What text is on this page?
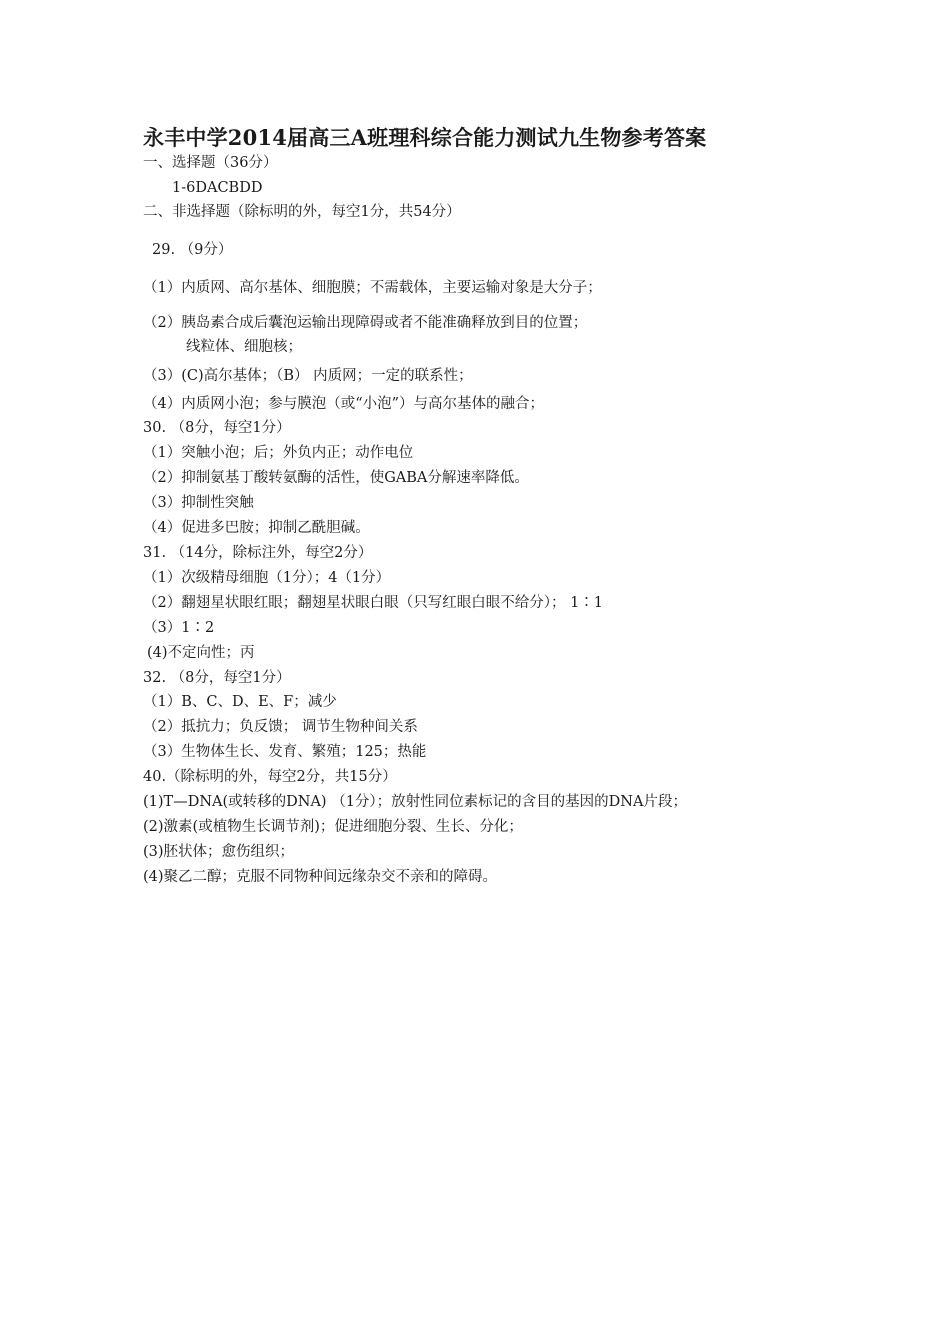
永丰中学2014届高三A班理科综合能力测试九生物参考答案
一、选择题（36分）
1-6DACBDD
二、非选择题（除标明的外，每空1分，共54分）
29. （9分）
（1）内质网、高尔基体、细胞膜；不需载体，主要运输对象是大分子；
（2）胰岛素合成后囊泡运输出现障碍或者不能准确释放到目的位置；
线粒体、细胞核；
（3）(C)高尔基体；（B） 内质网；一定的联系性；
（4）内质网小泡；参与膜泡（或“小泡”）与高尔基体的融合；
30. （8分，每空1分）
（1）突触小泡；后；外负内正；动作电位
（2）抑制氨基丁酸转氨酶的活性，使GABA分解速率降低。
（3）抑制性突触
（4）促进多巴胺；抑制乙酰胆碱。
31. （14分，除标注外，每空2分）
（1）次级精母细胞（1分）；4（1分）
（2）翻翅星状眼红眼；翻翅星状眼白眼（只写红眼白眼不给分）； 1∶1
（3）1∶2
(4)不定向性；丙
32. （8分，每空1分）
（1）B、C、D、E、F；减少
（2）抵抗力；负反馈； 调节生物种间关系
（3）生物体生长、发育、繁殖；125；热能
40.（除标明的外，每空2分，共15分）
(1)T—DNA(或转移的DNA) （1分）；放射性同位素标记的含目的基因的DNA片段；
(2)激素(或植物生长调节剂)；促进细胞分裂、生长、分化；
(3)胚状体；愈伤组织；
(4)聚乙二醇；克服不同物种间远缘杂交不亲和的障碍。
